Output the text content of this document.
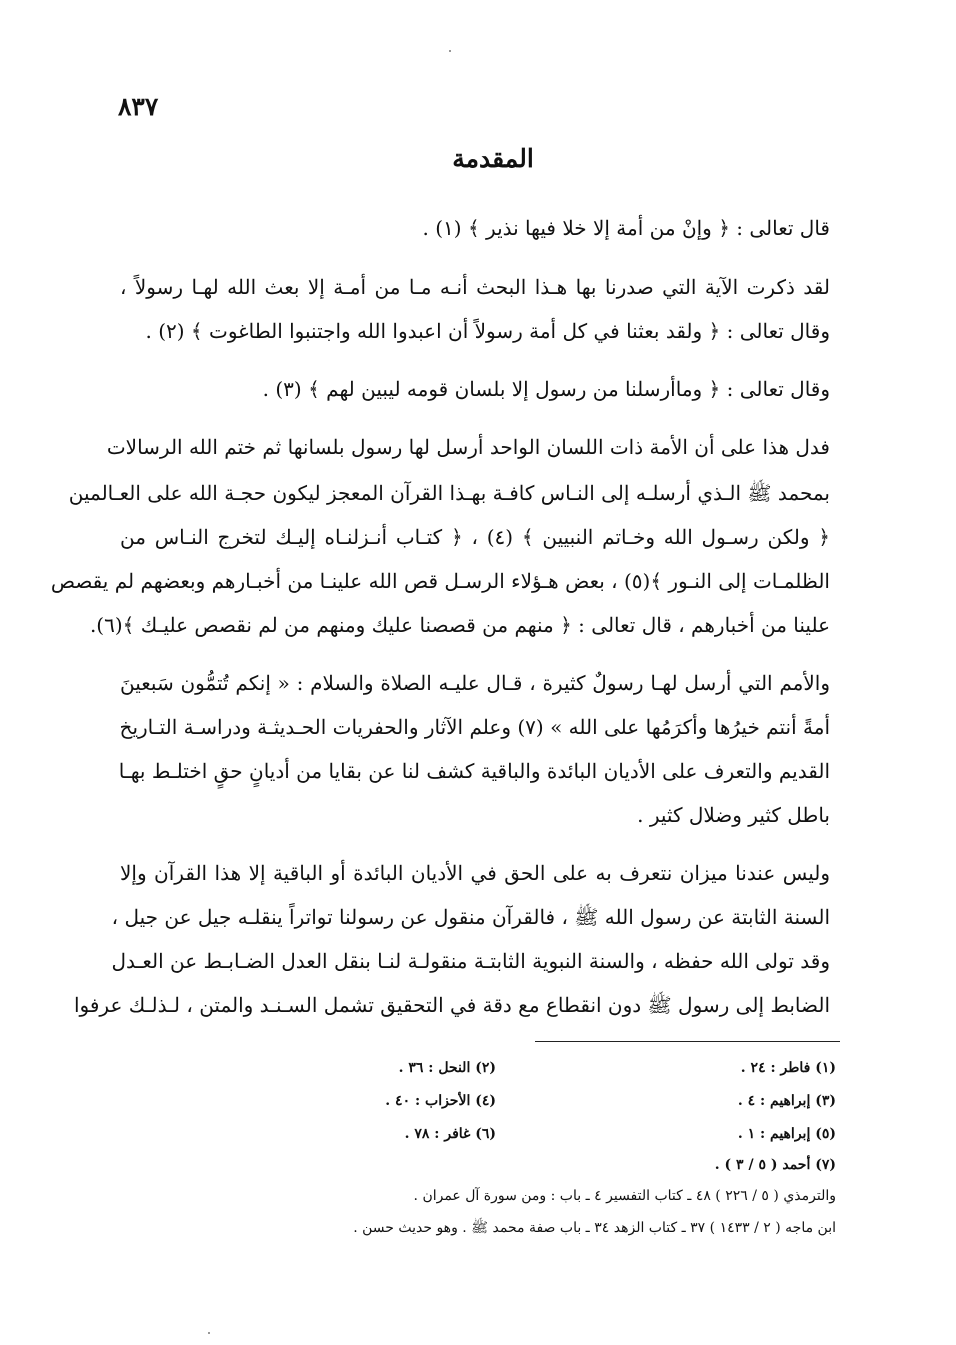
٨٣٧
المقدمة
قال تعالى : ﴿ وإنْ من أمة إلا خلا فيها نذير ﴾ (١) .
لقد ذكرت الآية التي صدرنا بها هـذا البحث أنـه مـا من أمـة إلا بعث الله لهـا رسولاً ،
وقال تعالى : ﴿ ولقد بعثنا في كل أمة رسولاً أن اعبدوا الله واجتنبوا الطاغوت ﴾ (٢) .
وقال تعالى : ﴿ وماأرسلنا من رسول إلا بلسان قومه ليبين لهم ﴾ (٣) .
فدل هذا على أن الأمة ذات اللسان الواحد أرسل لها رسول بلسانها ثم ختم الله الرسالات
بمحمد ﷺ الـذي أرسلـه إلى النـاس كافـة بهـذا القرآن المعجز ليكون حجـة الله على العـالمين
﴿ ولكن رسـول الله وخـاتم النبيين ﴾ (٤) ، ﴿ كتـاب أنـزلنـاه إليـك لتخرج النـاس من
الظلمـات إلى النـور ﴾(٥) ، بعض هـؤلاء الرسـل قص الله علينـا من أخبـارهم وبعضهم لم يقصص
علينا من أخبارهم ، قال تعالى : ﴿ منهم من قصصنا عليك ومنهم من لم نقصص عليـك ﴾(٦).
والأمم التي أرسل لهـا رسولٌ كثيرة ، قـال عليـه الصلاة والسلام : « إنكم تُتمُّون سَبعينَ
أمةً أنتم خيرُها وأكرَمُها على الله » (٧) وعلم الآثار والحفريات الحـديثـة ودراسـة التـاريخ
القديم والتعرف على الأديان البائدة والباقية كشف لنا عن بقايا من أديانٍ حقٍ اختلـط بهـا
باطل كثير وضلال كثير .
وليس عندنا ميزان نتعرف به على الحق في الأديان البائدة أو الباقية إلا هذا القرآن وإلا
السنة الثابتة عن رسول الله ﷺ ، فالقرآن منقول عن رسولنا تواتراً ينقلـه جيل عن جيل ،
وقد تولى الله حفظه ، والسنة النبوية الثابتـة منقولـة لنـا بنقل العدل الضـابـط عن العـدل
الضابط إلى رسول ﷺ دون انقطاع مع دقة في التحقيق تشمل السـنـد والمتن ، لـذلـك عرفوا
(١) فاطر : ٢٤ .
(٢) النحل : ٣٦ .
(٣) إبراهيم : ٤ .
(٤) الأحزاب : ٤٠ .
(٥) إبراهيم : ١ .
(٦) غافر : ٧٨ .
(٧) أحمد ( ٥ / ٣ ) .
والترمذي ( ٥ / ٢٢٦ ) ٤٨ ـ كتاب التفسير ٤ ـ باب : ومن سورة آل عمران .
ابن ماجه ( ٢ / ١٤٣٣ ) ٣٧ ـ كتاب الزهد ٣٤ ـ باب صفة محمد ﷺ . وهو حديث حسن .
